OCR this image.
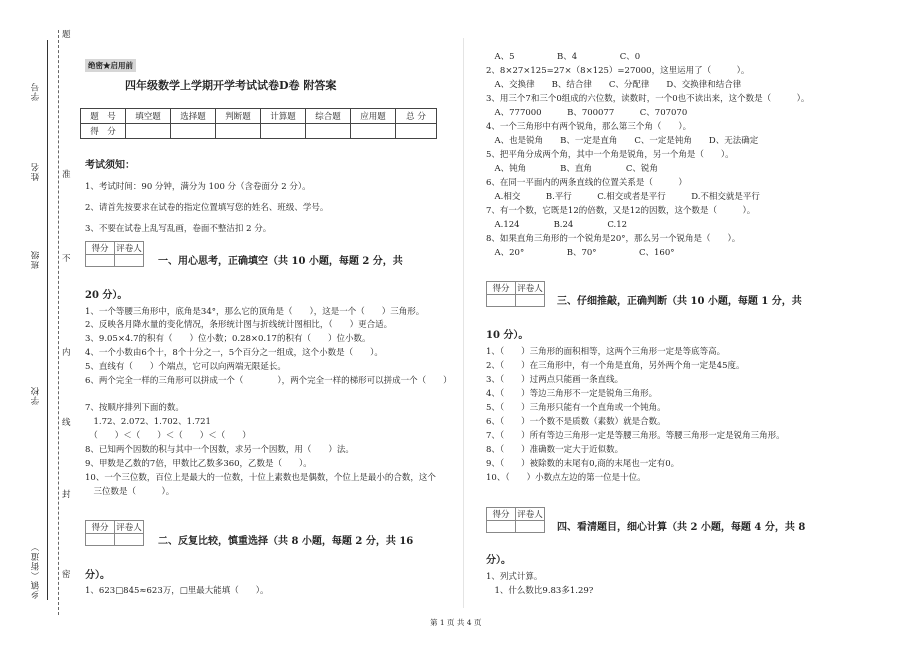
题
学号
姓名
班级
学校
乡镇（街道）
准
不
内
线
封
密
绝密★启用前
四年级数学上学期开学考试试卷D卷 附答案
题　号	填空题	选择题	判断题	计算题	综合题	应用题	总 分
得　分							
考试须知：
1、考试时间：90 分钟，满分为 100 分（含卷面分 2 分）。
2、请首先按要求在试卷的指定位置填写您的姓名、班级、学号。
3、不要在试卷上乱写乱画，卷面不整洁扣 2 分。
得分	评卷人

一、用心思考，正确填空（共 10 小题，每题 2 分，共
20 分）。
1、一个等腰三角形中，底角是34°，那么它的顶角是（　　），这是一个（　　）三角形。
2、反映各月降水量的变化情况，条形统计图与折线统计图相比，（　　）更合适。
3、9.05×4.7的积有（　　）位小数；0.28×0.17的积有（　　）位小数。
4、一个小数由6个十，8个十分之一，5个百分之一组成，这个小数是（　　）。
5、直线有（　　）个端点，它可以向两端无限延长。
6、两个完全一样的三角形可以拼成一个（　　　　），两个完全一样的梯形可以拼成一个（　　）
7、按顺序排列下面的数。
　1.72、2.072、1.702、1.721
　（　　）＜（　　）＜（　　）＜（　　）
8、已知两个因数的积与其中一个因数，求另一个因数，用（　　）法。
9、甲数是乙数的7倍，甲数比乙数多360，乙数是（　　）。
10、一个三位数，百位上是最大的一位数，十位上素数也是偶数，个位上是最小的合数，这个
　三位数是（　　　）。
得分	评卷人

二、反复比较，慎重选择（共 8 小题，每题 2 分，共 16
分）。
1、623□845≈623万，□里最大能填（　　）。
　A、5　　　　　B、4　　　　　C、0
2、8×27×125=27×（8×125）=27000，这里运用了（　　　）。
　A、交换律　　B、结合律　　C、分配律　　D、交换律和结合律
3、用三个7和三个0组成的六位数，读数时，一个0也不读出来，这个数是（　　　）。
　A、777000　　　B、700077　　　C、707070
4、一个三角形中有两个锐角，那么第三个角（　　）。
　A、也是锐角　　B、一定是直角　　C、一定是钝角　　D、无法确定
5、把平角分成两个角，其中一个角是锐角，另一个角是（　　）。
　A、钝角　　　　B、直角　　　　C、锐角
6、在同一平面内的两条直线的位置关系是（　　　）
　A.相交　　　B.平行　　　C.相交或者是平行　　　D.不相交就是平行
7、有一个数，它既是12的倍数，又是12的因数，这个数是（　　　）。
　A.124　　　　B.24　　　　C.12
8、如果直角三角形的一个锐角是20°，那么另一个锐角是（　　）。
　A、20°　　　　　B、70°　　　　　C、160°
得分	评卷人

三、仔细推敲，正确判断（共 10 小题，每题 1 分，共
10 分）。
1、（　　）三角形的面积相等，这两个三角形一定是等底等高。
2、（　　）在三角形中，有一个角是直角，另外两个角一定是45度。
3、（　　）过两点只能画一条直线。
4、（　　）等边三角形不一定是锐角三角形。
5、（　　）三角形只能有一个直角或一个钝角。
6、（　　）一个数不是质数（素数）就是合数。
7、（　　）所有等边三角形一定是等腰三角形。等腰三角形一定是锐角三角形。
8、（　　）准确数一定大于近似数。
9、（　　）被除数的末尾有0,商的末尾也一定有0。
10、（　　）小数点左边的第一位是十位。
得分	评卷人

四、看清题目，细心计算（共 2 小题，每题 4 分，共 8
分）。
1、列式计算。
　1、什么数比9.83多1.29?
第 1 页 共 4 页
